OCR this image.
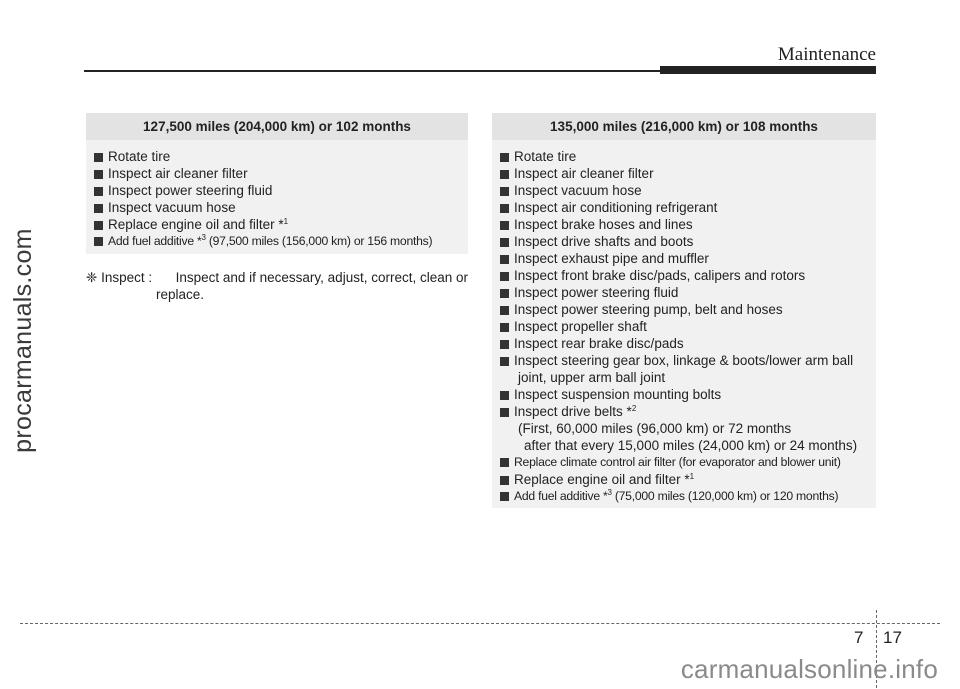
Maintenance
procarmanuals.com
127,500 miles (204,000 km) or 102 months
Rotate tire
Inspect air cleaner filter
Inspect power steering fluid
Inspect vacuum hose
Replace engine oil and filter *$^1$
Add fuel additive *$^3$ (97,500 miles (156,000 km) or 156 months)
❈ Inspect : Inspect and if necessary, adjust, correct, clean or
replace.
135,000 miles (216,000 km) or 108 months
Rotate tire
Inspect air cleaner filter
Inspect vacuum hose
Inspect air conditioning refrigerant
Inspect brake hoses and lines
Inspect drive shafts and boots
Inspect exhaust pipe and muffler
Inspect front brake disc/pads, calipers and rotors
Inspect power steering fluid
Inspect power steering pump, belt and hoses
Inspect propeller shaft
Inspect rear brake disc/pads
Inspect steering gear box, linkage & boots/lower arm ball
joint, upper arm ball joint
Inspect suspension mounting bolts
Inspect drive belts *$^2$
(First, 60,000 miles (96,000 km) or 72 months
after that every 15,000 miles (24,000 km) or 24 months)
Replace climate control air filter (for evaporator and blower unit)
Replace engine oil and filter *$^1$
Add fuel additive *$^3$ (75,000 miles (120,000 km) or 120 months)
7 17
carmanualsonline.info
